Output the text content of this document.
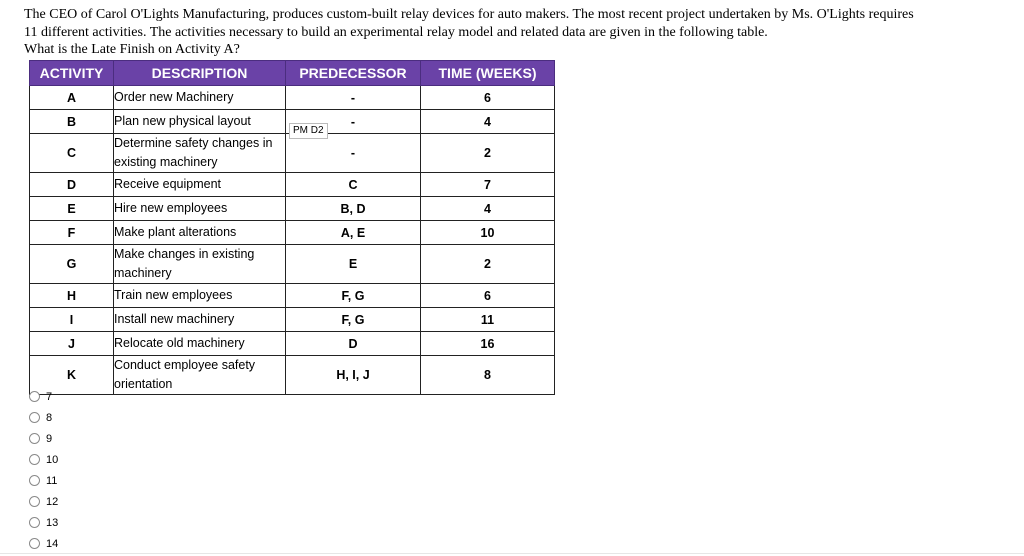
The CEO of Carol O'Lights Manufacturing, produces custom-built relay devices for auto makers. The most recent project undertaken by Ms. O'Lights requires

11 different activities. The activities necessary to build an experimental relay model and related data are given in the following table.

What is the Late Finish on Activity A?

ACTIVITY	DESCRIPTION	PREDECESSOR	TIME (WEEKS)
A	Order new Machinery	-	6
B	Plan new physical layout	-	4
C	Determine safety changes in existing machinery	-	2
D	Receive equipment	C	7
E	Hire new employees	B, D	4
F	Make plant alterations	A, E	10
G	Make changes in existing machinery	E	2
H	Train new employees	F, G	6
I	Install new machinery	F, G	11
J	Relocate old machinery	D	16
K	Conduct employee safety orientation	H, I, J	8
PM D2
7
8
9
10
11
12
13
14
